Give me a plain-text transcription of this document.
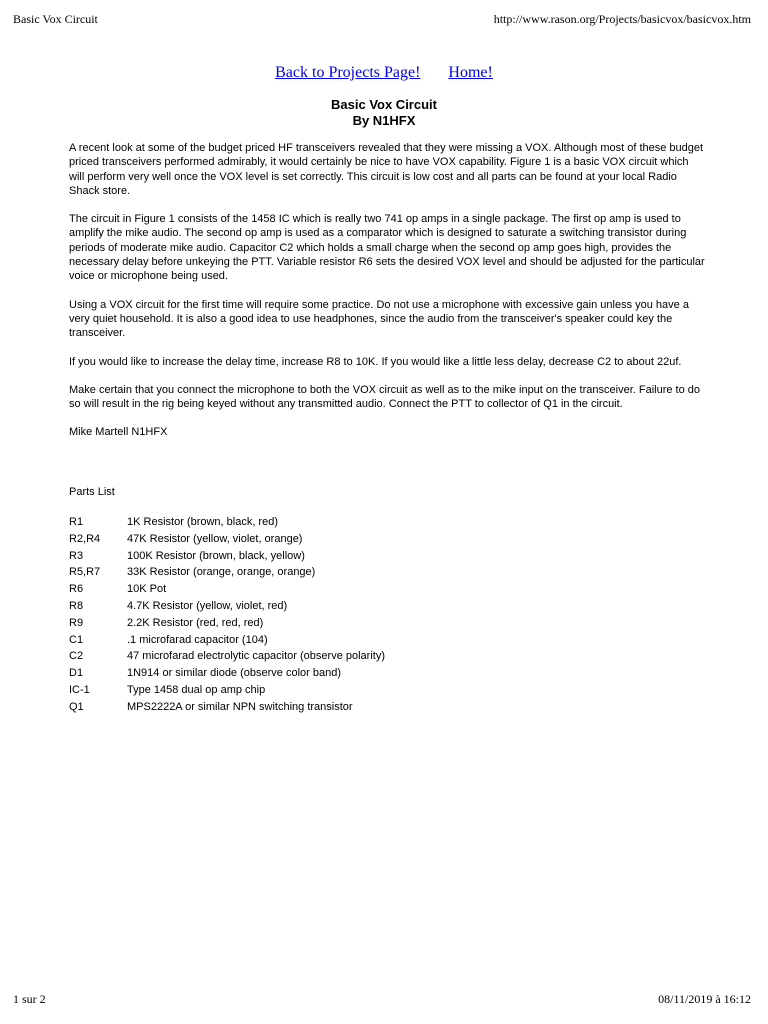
Basic Vox Circuit	http://www.rason.org/Projects/basicvox/basicvox.htm
Back to Projects Page! Home!
Basic Vox Circuit
By N1HFX

A recent look at some of the budget priced HF transceivers revealed that they were missing a VOX. Although most of these budget priced transceivers performed admirably, it would certainly be nice to have VOX capability. Figure 1 is a basic VOX circuit which will perform very well once the VOX level is set correctly. This circuit is low cost and all parts can be found at your local Radio Shack store.

The circuit in Figure 1 consists of the 1458 IC which is really two 741 op amps in a single package. The first op amp is used to amplify the mike audio. The second op amp is used as a comparator which is designed to saturate a switching transistor during periods of moderate mike audio. Capacitor C2 which holds a small charge when the second op amp goes high, provides the necessary delay before unkeying the PTT. Variable resistor R6 sets the desired VOX level and should be adjusted for the particular voice or microphone being used.

Using a VOX circuit for the first time will require some practice. Do not use a microphone with excessive gain unless you have a very quiet household. It is also a good idea to use headphones, since the audio from the transceiver's speaker could key the transceiver.

If you would like to increase the delay time, increase R8 to 10K. If you would like a little less delay, decrease C2 to about 22uf.

Make certain that you connect the microphone to both the VOX circuit as well as to the mike input on the transceiver. Failure to do so will result in the rig being keyed without any transmitted audio. Connect the PTT to collector of Q1 in the circuit.

Mike Martell N1HFX

Parts List
R1	1K Resistor (brown, black, red)
R2,R4	47K Resistor (yellow, violet, orange)
R3	100K Resistor (brown, black, yellow)
R5,R7	33K Resistor (orange, orange, orange)
R6	10K Pot
R8	4.7K Resistor (yellow, violet, red)
R9	2.2K Resistor (red, red, red)
C1	.1 microfarad capacitor (104)
C2	47 microfarad electrolytic capacitor (observe polarity)
D1	1N914 or similar diode (observe color band)
IC-1	Type 1458 dual op amp chip
Q1	MPS2222A or similar NPN switching transistor
1 sur 2	08/11/2019 à 16:12
